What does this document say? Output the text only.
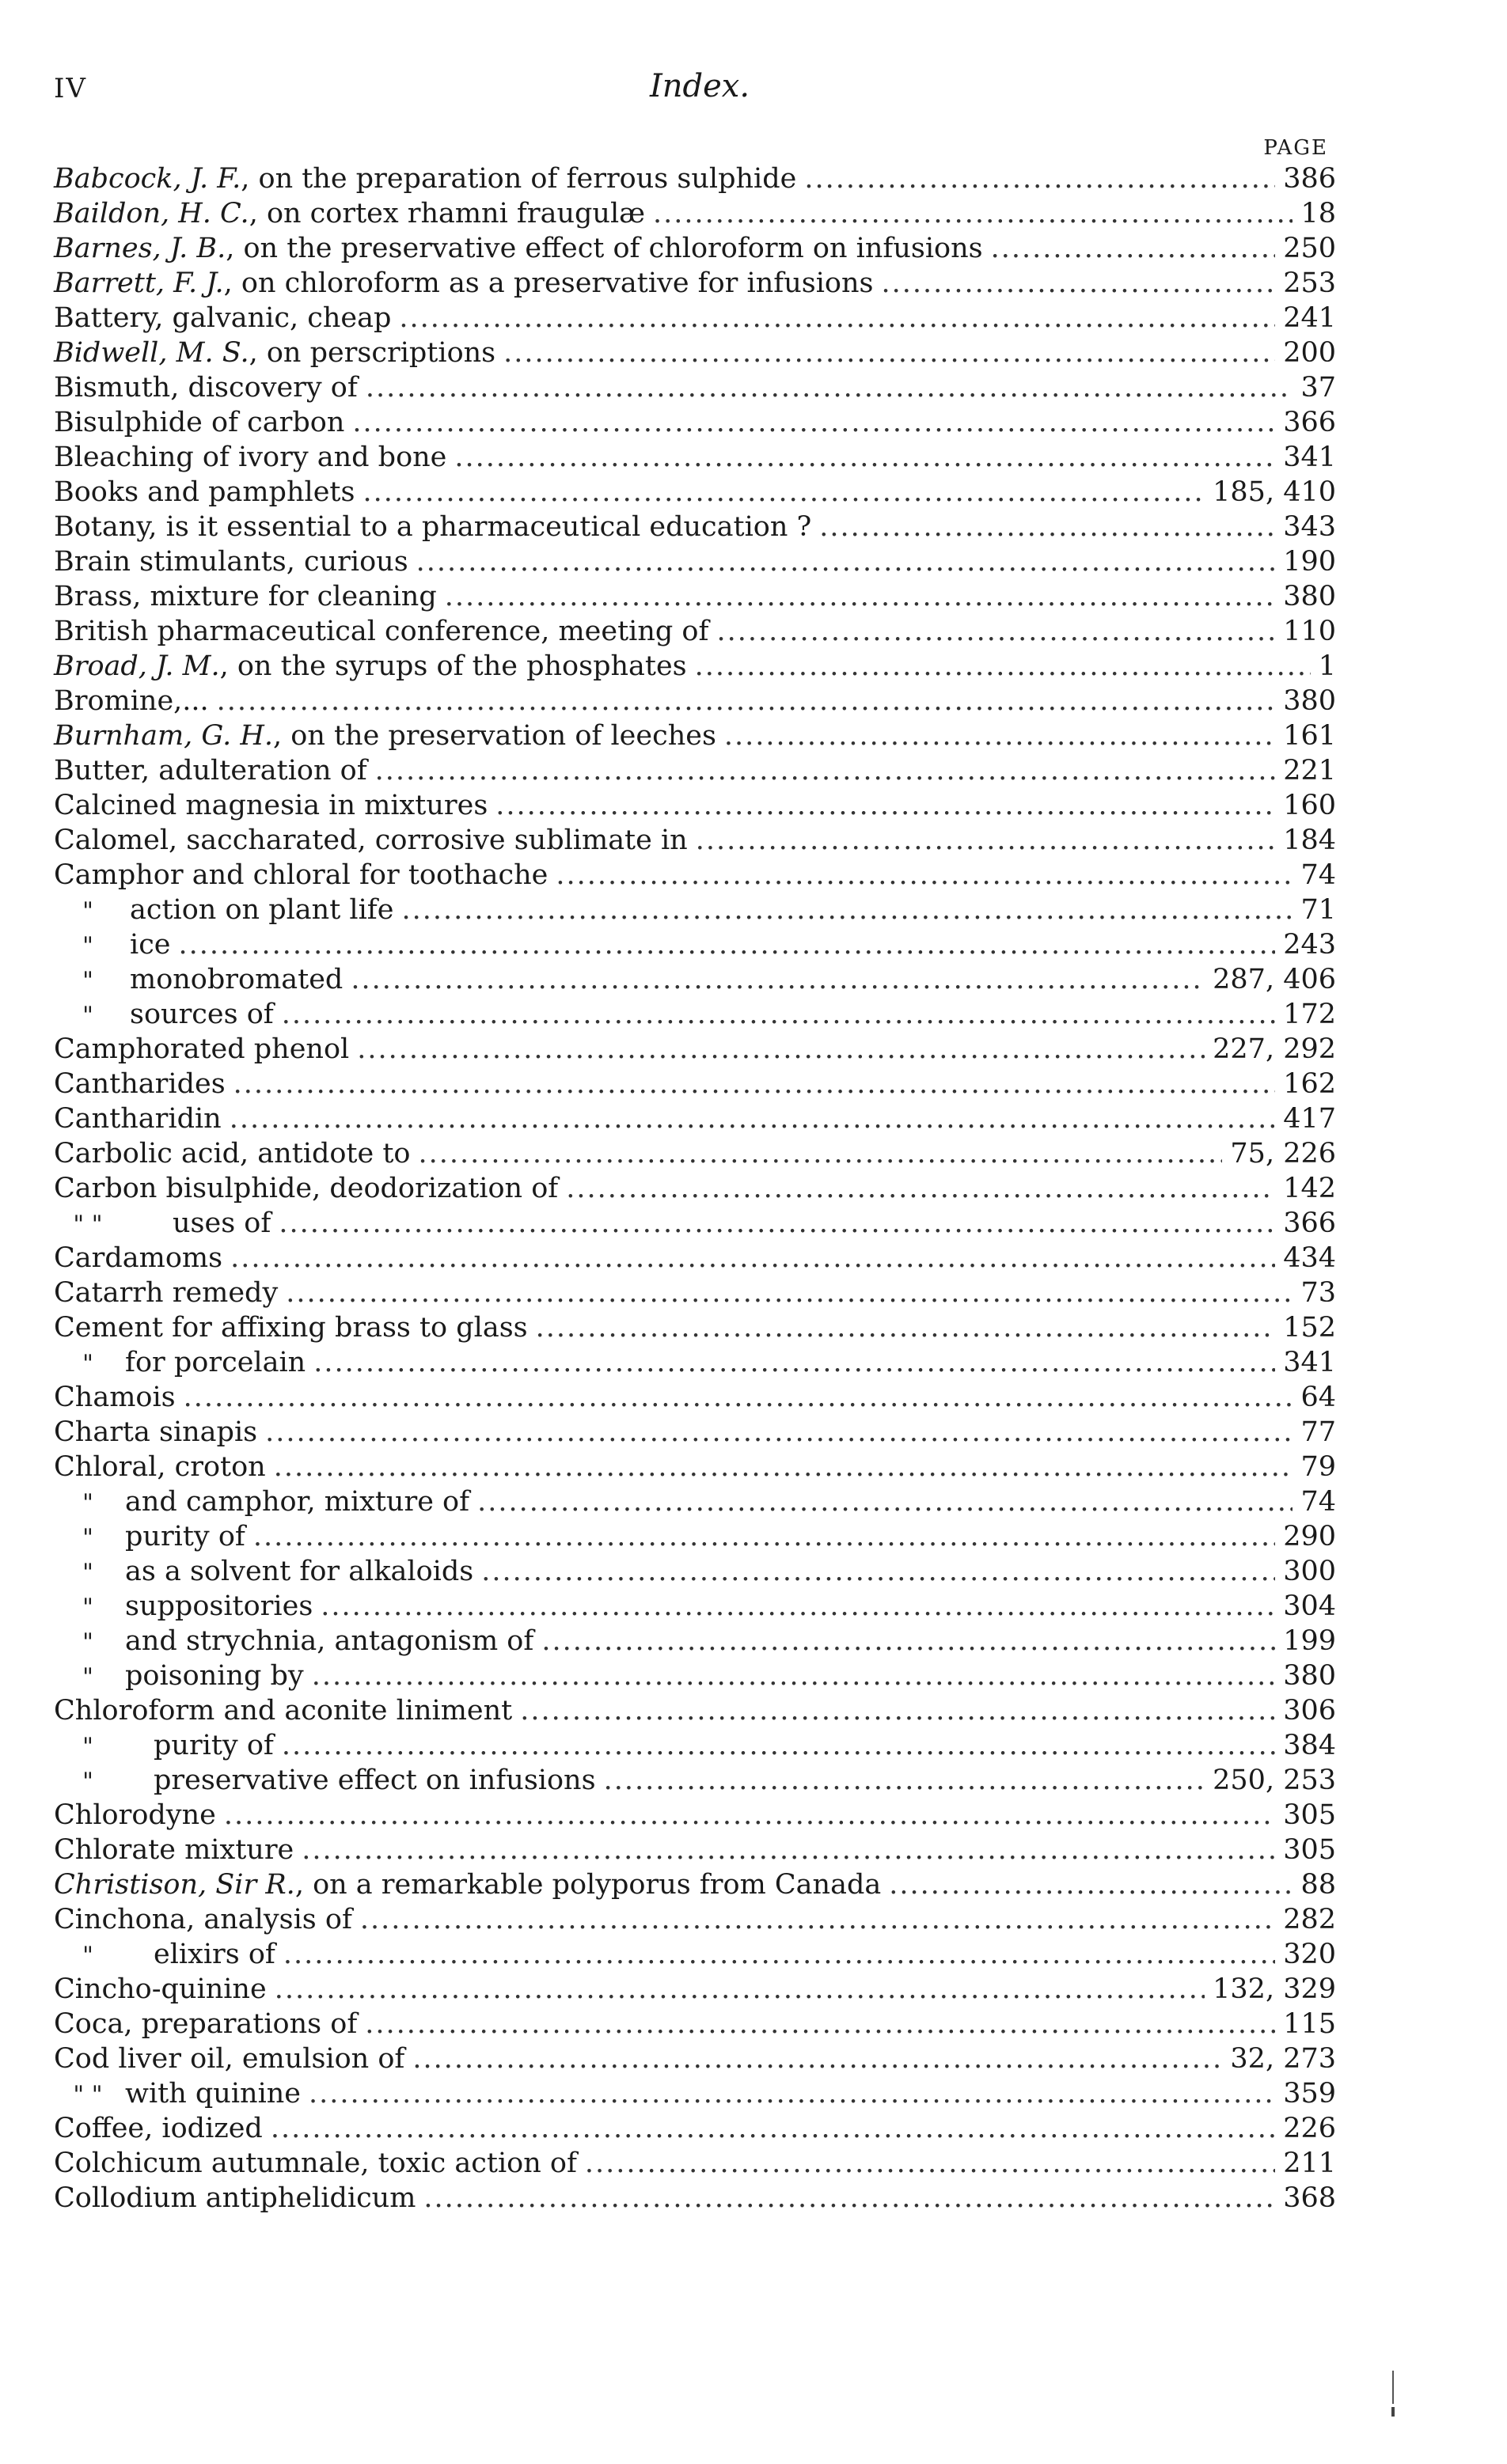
IV	Index.
PAGE
Babcock, J. F. , on the preparation of ferrous sulphide .....	386
Baildon, H. C. , on cortex rhamni fraugulæ .....	18
Barnes, J. B. , on the preservative effect of chloroform on infusions .....	250
Barrett, F. J. , on chloroform as a preservative for infusions .....	253
Battery, galvanic, cheap .....	241
Bidwell, M. S. , on perscriptions .....	200
Bismuth, discovery of .....	37
Bisulphide of carbon .....	366
Bleaching of ivory and bone .....	341
Books and pamphlets .....	185, 410
Botany, is it essential to a pharmaceutical education ? .....	343
Brain stimulants, curious .....	190
Brass, mixture for cleaning .....	380
British pharmaceutical conference, meeting of .....	110
Broad, J. M. , on the syrups of the phosphates .....	1
Bromine,... .....	380
Burnham, G. H. , on the preservation of leeches .....	161
Butter, adulteration of .....	221
Calcined magnesia in mixtures .....	160
Calomel, saccharated, corrosive sublimate in .....	184
Camphor and chloral for toothache .....	74
"	action on plant life .....	71
"	ice .....	243
"	monobromated .....	287, 406
"	sources of .....	172
Camphorated phenol .....	227, 292
Cantharides .....	162
Cantharidin .....	417
Carbolic acid, antidote to .....	75, 226
Carbon bisulphide, deodorization of .....	142
" "	uses of .....	366
Cardamoms .....	434
Catarrh remedy .....	73
Cement for affixing brass to glass .....	152
"	for porcelain .....	341
Chamois .....	64
Charta sinapis .....	77
Chloral, croton .....	79
"	and camphor, mixture of .....	74
"	purity of .....	290
"	as a solvent for alkaloids .....	300
"	suppositories .....	304
"	and strychnia, antagonism of .....	199
"	poisoning by .....	380
Chloroform and aconite liniment .....	306
"	purity of .....	384
"	preservative effect on infusions .....	250, 253
Chlorodyne .....	305
Chlorate mixture .....	305
Christison, Sir R. , on a remarkable polyporus from Canada .....	88
Cinchona, analysis of .....	282
"	elixirs of .....	320
Cincho-quinine .....	132, 329
Coca, preparations of .....	115
Cod liver oil, emulsion of .....	32, 273
" " with quinine .....	359
Coffee, iodized .....	226
Colchicum autumnale, toxic action of .....	211
Collodium antiphelidicum .....	368
